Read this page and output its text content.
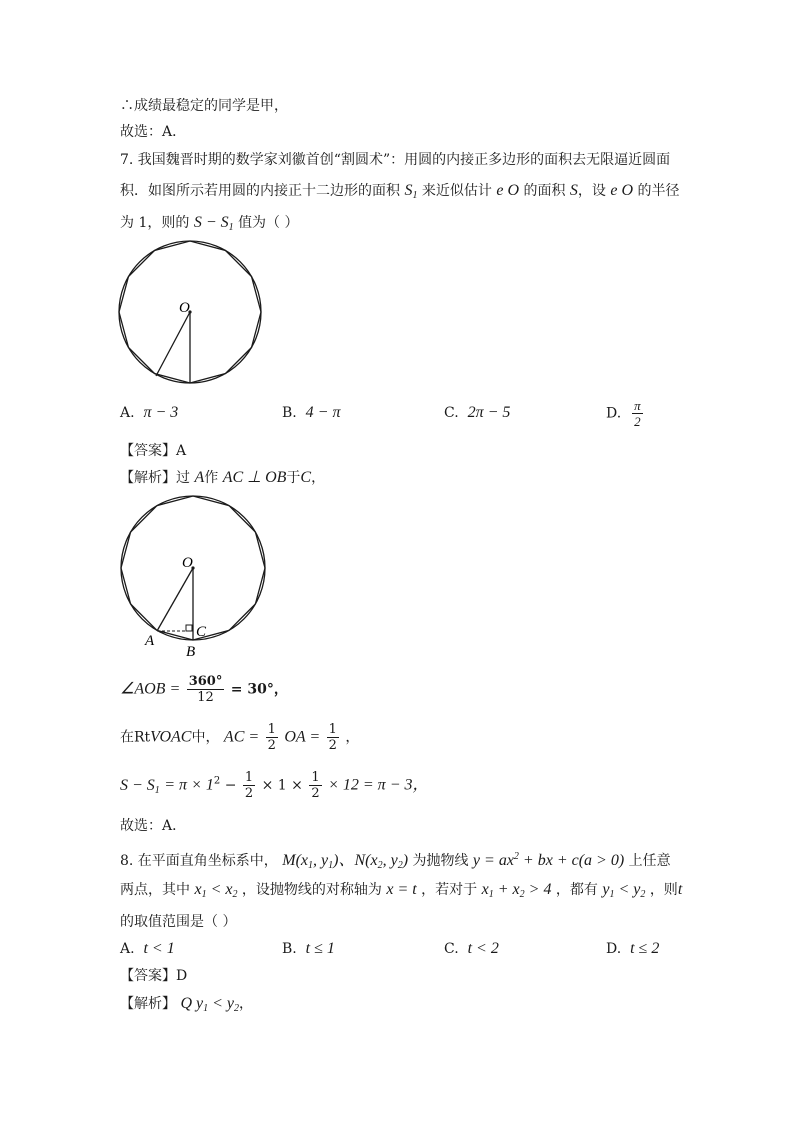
∴成绩最稳定的同学是甲，
故选：A．
7. 我国魏晋时期的数学家刘徽首创“割圆术”：用圆的内接正多边形的面积去无限逼近圆面
积．如图所示若用圆的内接正十二边形的面积 $S_1$ 来近似估计 e O 的面积 S，设 e O 的半径
为 1，则的 $S - S_1$ 值为（ ）
O
A. π − 3	B. 4 − π	C. 2π − 5	D. $\frac{\pi}{2}$
【答案】A
【解析】过 A作 AC ⊥ OB于C，
O
A
B
C
∠AOB = $\frac{360^\circ}{12} = 30^\circ$，
在RtVOAC中， AC = $\frac{1}{2}$ OA = $\frac{1}{2}$ ，
$S - S_1 = \pi \times 1^2 - \frac{1}{2} \times 1 \times \frac{1}{2} \times 12 = \pi - 3$，
故选：A．
8. 在平面直角坐标系中， $M(x_1$, $y_1$)、$N(x_2$, $y_2$) 为抛物线 $y = ax^2$ + bx + c(a > 0) 上任意
两点，其中 $x_1 < x_2$ ，设抛物线的对称轴为 x = t ，若对于 $x_1 + x_2 > 4$ ，都有 $y_1 < y_2$ ，则t
的取值范围是（ ）
A. t < 1	B. t ≤ 1	C. t < 2	D. t ≤ 2
【答案】D
【解析】 Q $y_1 < y_2$，
